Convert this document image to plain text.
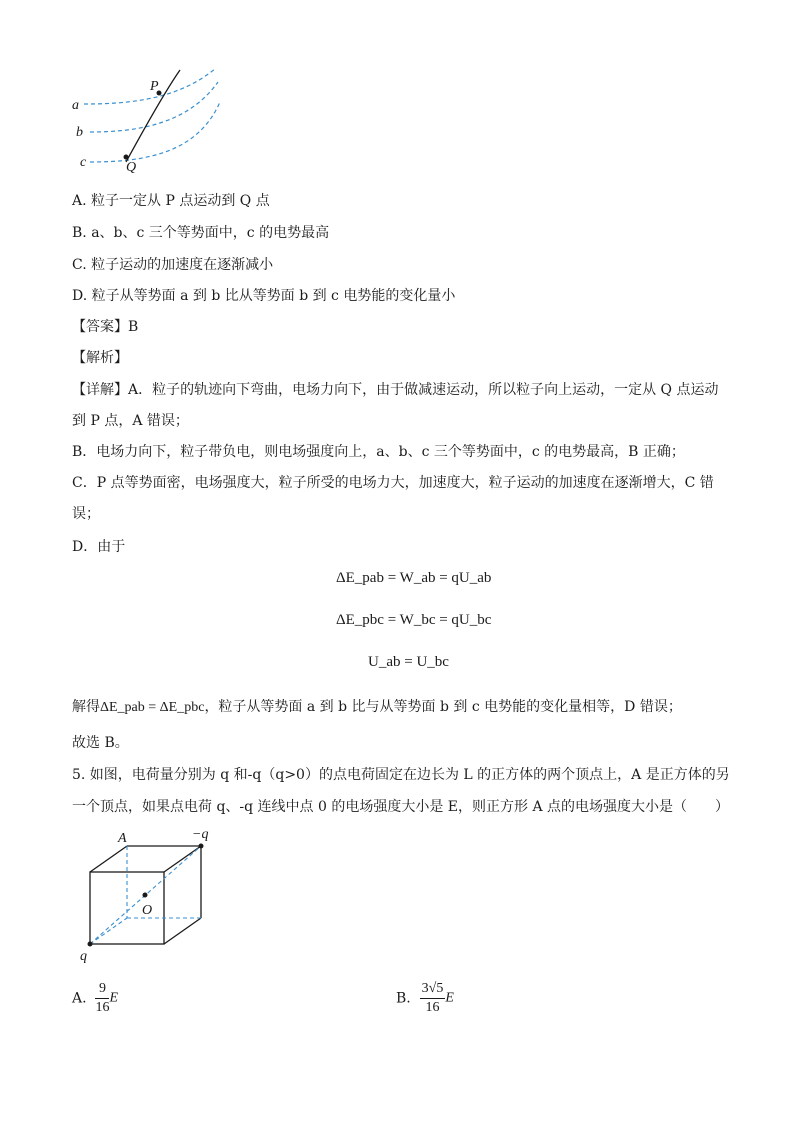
a
b
c
P
Q
A. 粒子一定从 P 点运动到 Q 点
B. a、b、c 三个等势面中，c 的电势最高
C. 粒子运动的加速度在逐渐减小
D. 粒子从等势面 a 到 b 比从等势面 b 到 c 电势能的变化量小
【答案】B
【解析】
【详解】A．粒子的轨迹向下弯曲，电场力向下，由于做减速运动，所以粒子向上运动，一定从 Q 点运动
到 P 点，A 错误；
B．电场力向下，粒子带负电，则电场强度向上，a、b、c 三个等势面中，c 的电势最高，B 正确；
C．P 点等势面密，电场强度大，粒子所受的电场力大，加速度大，粒子运动的加速度在逐渐增大，C 错
误；
D．由于
ΔE_pab = W_ab = qU_ab
ΔE_pbc = W_bc = qU_bc
U_ab = U_bc
解得ΔE_pab = ΔE_pbc，粒子从等势面 a 到 b 比与从等势面 b 到 c 电势能的变化量相等，D 错误；
故选 B。
5. 如图，电荷量分别为 q 和-q（q>0）的点电荷固定在边长为 L 的正方体的两个顶点上，A 是正方体的另
一个顶点，如果点电荷 q、-q 连线中点 0 的电场强度大小是 E，则正方形 A 点的电场强度大小是（　　）
A	−q
O
q
A. $\frac{9}{16}$ E	B. $\frac{3√5}{16}$ E
